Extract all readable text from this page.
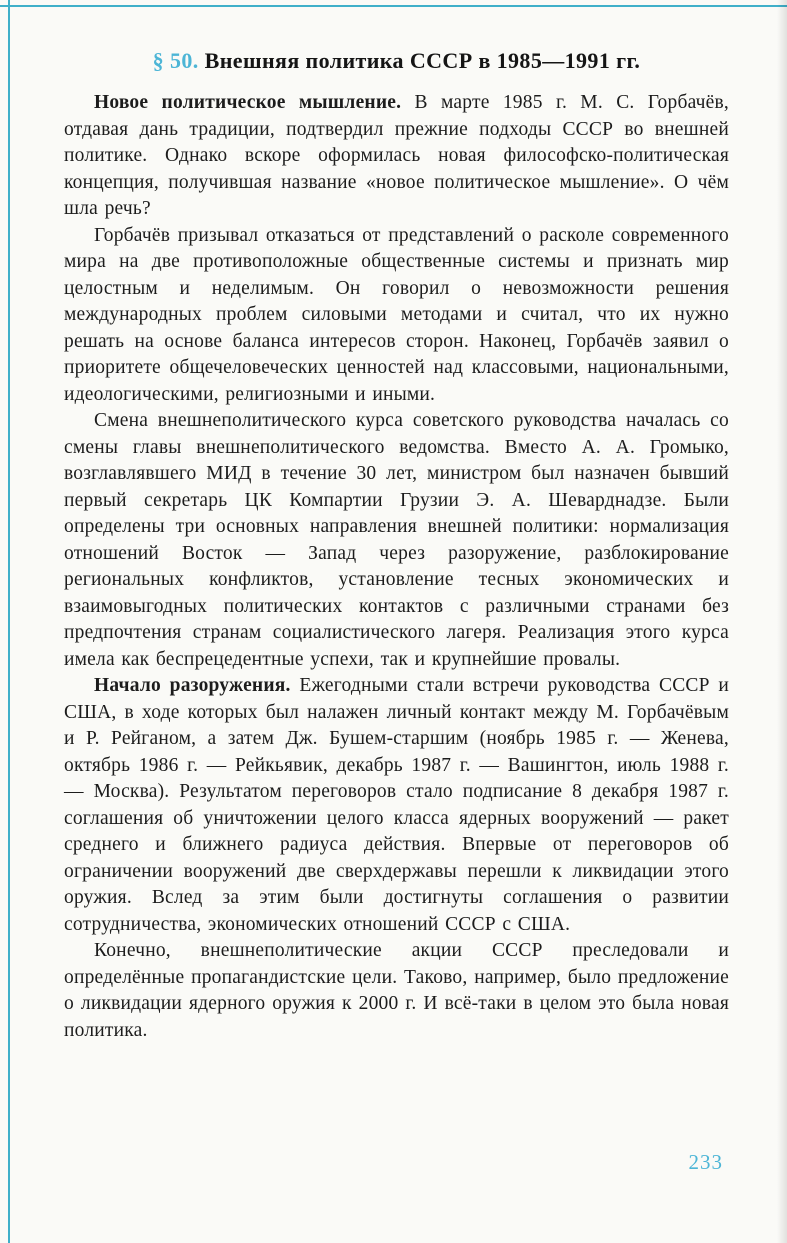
§ 50. Внешняя политика СССР в 1985—1991 гг.

Новое политическое мышление. В марте 1985 г. М. С. Горбачёв, отдавая дань традиции, подтвердил прежние подходы СССР во внешней политике. Однако вскоре оформилась новая философско-политическая концепция, получившая название «новое политическое мышление». О чём шла речь?

Горбачёв призывал отказаться от представлений о расколе современного мира на две противоположные общественные системы и признать мир целостным и неделимым. Он говорил о невозможности решения международных проблем силовыми методами и считал, что их нужно решать на основе баланса интересов сторон. Наконец, Горбачёв заявил о приоритете общечеловеческих ценностей над классовыми, национальными, идеологическими, религиозными и иными.

Смена внешнеполитического курса советского руководства началась со смены главы внешнеполитического ведомства. Вместо А. А. Громыко, возглавлявшего МИД в течение 30 лет, министром был назначен бывший первый секретарь ЦК Компартии Грузии Э. А. Шеварднадзе. Были определены три основных направления внешней политики: нормализация отношений Восток — Запад через разоружение, разблокирование региональных конфликтов, установление тесных экономических и взаимовыгодных политических контактов с различными странами без предпочтения странам социалистического лагеря. Реализация этого курса имела как беспрецедентные успехи, так и крупнейшие провалы.

Начало разоружения. Ежегодными стали встречи руководства СССР и США, в ходе которых был налажен личный контакт между М. Горбачёвым и Р. Рейганом, а затем Дж. Бушем-старшим (ноябрь 1985 г. — Женева, октябрь 1986 г. — Рейкьявик, декабрь 1987 г. — Вашингтон, июль 1988 г. — Москва). Результатом переговоров стало подписание 8 декабря 1987 г. соглашения об уничтожении целого класса ядерных вооружений — ракет среднего и ближнего радиуса действия. Впервые от переговоров об ограничении вооружений две сверхдержавы перешли к ликвидации этого оружия. Вслед за этим были достигнуты соглашения о развитии сотрудничества, экономических отношений СССР с США.

Конечно, внешнеполитические акции СССР преследовали и определённые пропагандистские цели. Таково, например, было предложение о ликвидации ядерного оружия к 2000 г. И всё-таки в целом это была новая политика.

233
